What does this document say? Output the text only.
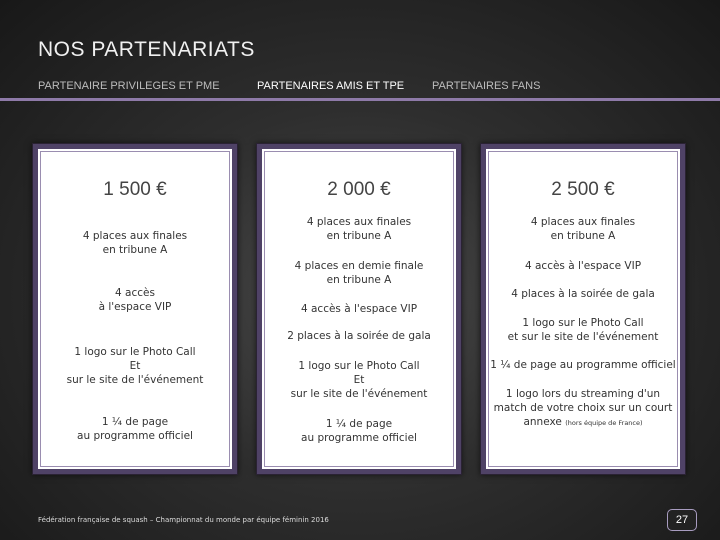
NOS PARTENARIATS
PARTENAIRE PRIVILEGES ET PME	PARTENAIRES AMIS ET TPE	PARTENAIRES FANS
1 500 €
4 places aux finales
en tribune A
4 accès
à l'espace VIP
1 logo sur le Photo Call
Et
sur le site de l'événement
1 ¼ de page
au programme officiel
2 000 €
4 places aux finales
en tribune A
4 places en demie finale
en tribune A
4 accès à l'espace VIP
2 places à la soirée de gala
1 logo sur le Photo Call
Et
sur le site de l'événement
1 ¼ de page
au programme officiel
2 500 €
4 places aux finales
en tribune A
4 accès à l'espace VIP
4 places à la soirée de gala
1 logo sur le Photo Call
et sur le site de l'événement
1 ¼ de page au programme officiel
1 logo lors du streaming d'un
match de votre choix sur un court
annexe (hors équipe de France)
Fédération française de squash – Championnat du monde par équipe féminin 2016	27
